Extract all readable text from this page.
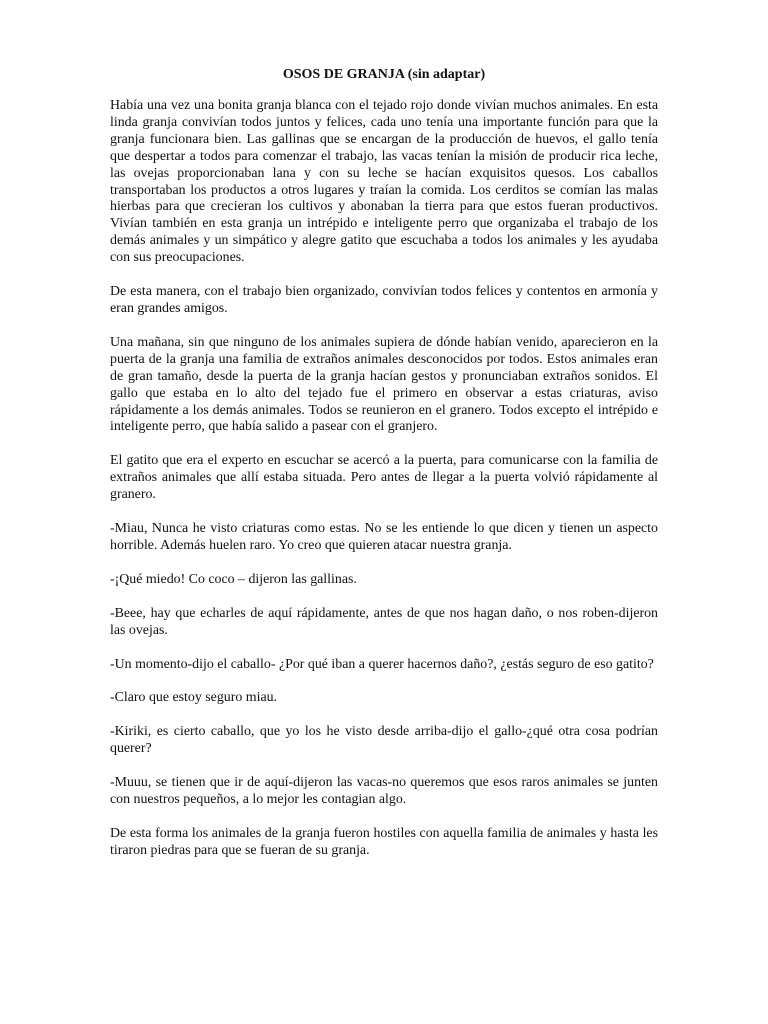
OSOS DE GRANJA (sin adaptar)

Había una vez una bonita granja blanca con el tejado rojo donde vivían muchos animales. En esta linda granja convivían todos juntos y felices, cada uno tenía una importante función para que la granja funcionara bien. Las gallinas que se encargan de la producción de huevos, el gallo tenía que despertar a todos para comenzar el trabajo, las vacas tenían la misión de producir rica leche, las ovejas proporcionaban lana y con su leche se hacían exquisitos quesos. Los caballos transportaban los productos a otros lugares y traían la comida. Los cerditos se comían las malas hierbas para que crecieran los cultivos y abonaban la tierra para que estos fueran productivos. Vivían también en esta granja un intrépido e inteligente perro que organizaba el trabajo de los demás animales y un simpático y alegre gatito que escuchaba a todos los animales y les ayudaba con sus preocupaciones.

De esta manera, con el trabajo bien organizado, convivían todos felices y contentos en armonía y eran grandes amigos.

Una mañana, sin que ninguno de los animales supiera de dónde habían venido, aparecieron en la puerta de la granja una familia de extraños animales desconocidos por todos. Estos animales eran de gran tamaño, desde la puerta de la granja hacían gestos y pronunciaban extraños sonidos. El gallo que estaba en lo alto del tejado fue el primero en observar a estas criaturas, aviso rápidamente a los demás animales. Todos se reunieron en el granero. Todos excepto el intrépido e inteligente perro, que había salido a pasear con el granjero.

El gatito que era el experto en escuchar se acercó a la puerta, para comunicarse con la familia de extraños animales que allí estaba situada. Pero antes de llegar a la puerta volvió rápidamente al granero.

-Miau, Nunca he visto criaturas como estas. No se les entiende lo que dicen y tienen un aspecto horrible. Además huelen raro. Yo creo que quieren atacar nuestra granja.

-¡Qué miedo! Co coco – dijeron las gallinas.

-Beee, hay que echarles de aquí rápidamente, antes de que nos hagan daño, o nos roben-dijeron las ovejas.

-Un momento-dijo el caballo- ¿Por qué iban a querer hacernos daño?, ¿estás seguro de eso gatito?

-Claro que estoy seguro miau.

-Kiriki, es cierto caballo, que yo los he visto desde arriba-dijo el gallo-¿qué otra cosa podrían querer?

-Muuu, se tienen que ir de aquí-dijeron las vacas-no queremos que esos raros animales se junten con nuestros pequeños, a lo mejor les contagian algo.

De esta forma los animales de la granja fueron hostiles con aquella familia de animales y hasta les tiraron piedras para que se fueran de su granja.
